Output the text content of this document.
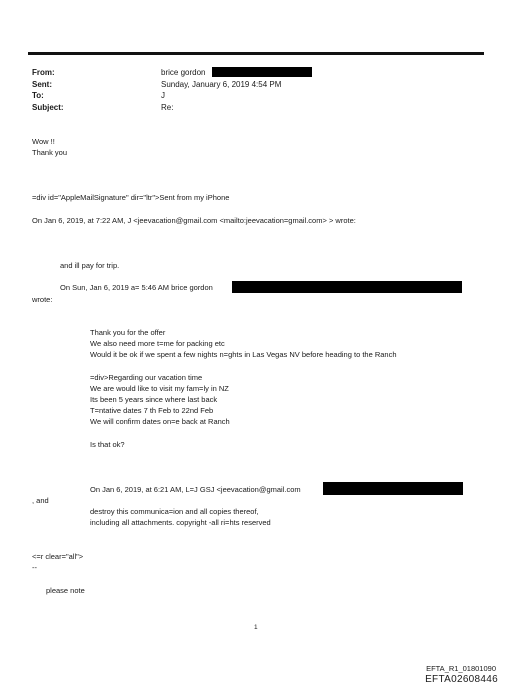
From:
Sent:
To:
Subject:
brice gordon
Sunday, January 6, 2019 4:54 PM
J
Re:
Wow !!
Thank you
=div id="AppleMailSignature" dir="ltr">Sent from my iPhone
On Jan 6, 2019, at 7:22 AM, J <jeevacation@gmail.com <mailto:jeevacation=gmail.com> > wrote:
and ill pay for trip.
On Sun, Jan 6, 2019 a= 5:46 AM brice gordon
wrote:
Thank you for the offer
We also need more t=me for packing etc
Would it be ok if we spent a few nights n=ghts in Las Vegas NV before heading to the Ranch
=div>Regarding our vacation time
We are would like to visit my fam=ly in NZ
Its been 5 years since where last back
T=ntative dates 7 th Feb to 22nd Feb
We will confirm dates on=e back at Ranch
Is that ok?
On Jan 6, 2019, at 6:21 AM, L=J GSJ <jeevacation@gmail.com
, and
destroy this communica=ion and all copies thereof,
including all attachments. copyright -all ri=hts reserved
<=r clear="all">
--
please note
1
EFTA_R1_01801090
EFTA02608446
